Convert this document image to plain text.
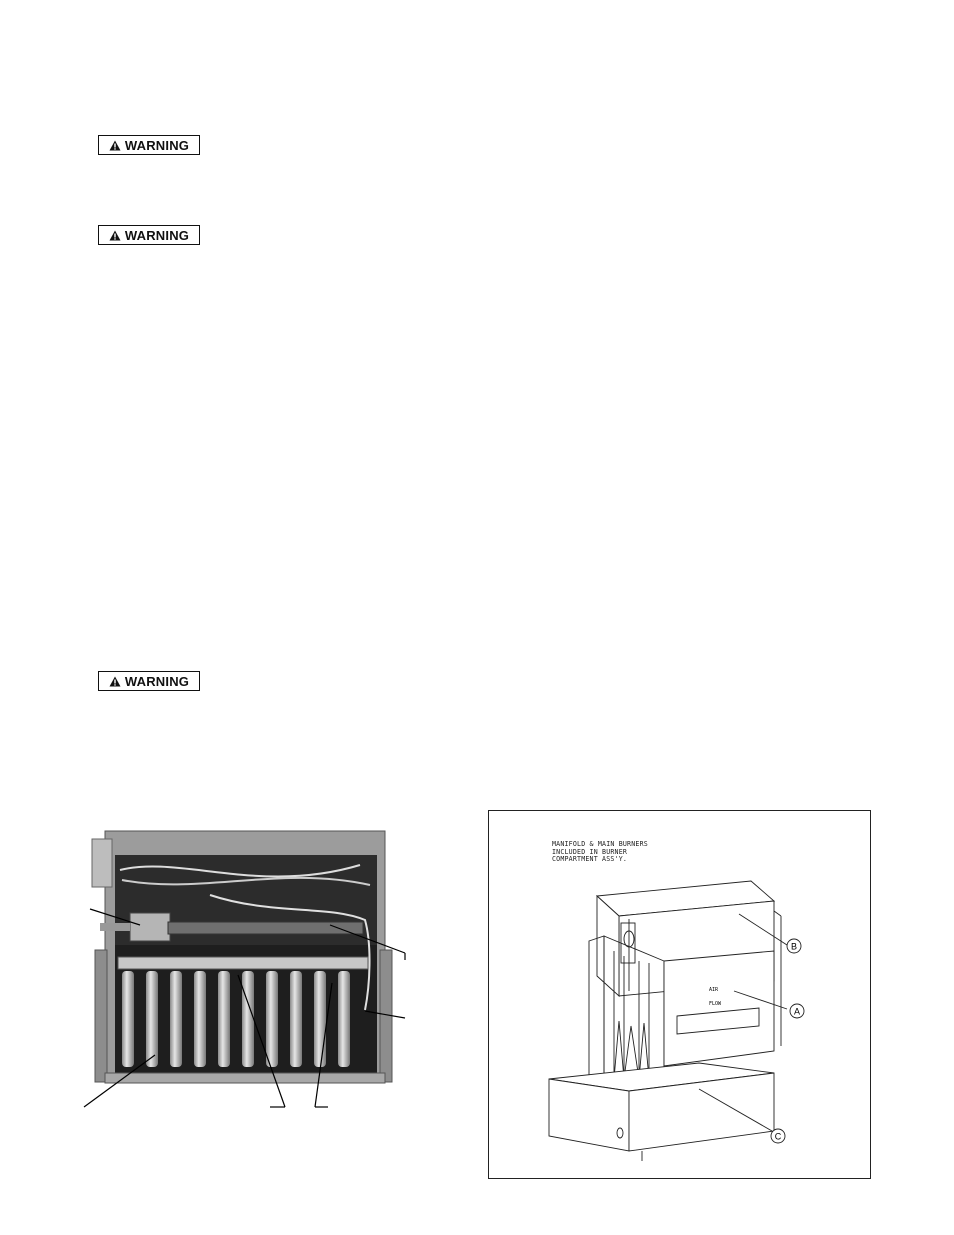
WARNING
WARNING
WARNING
B
A
C
AIR
FLOW
MANIFOLD & MAIN BURNERS
INCLUDED IN BURNER
COMPARTMENT ASS'Y.
